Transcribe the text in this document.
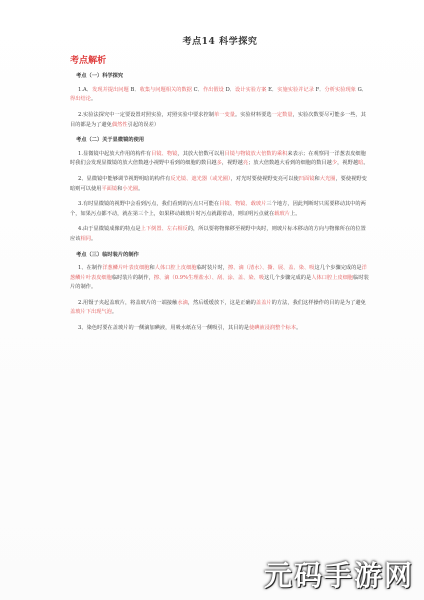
考点14 科学探究
考点解析
考点（一）科学探究
1.A．发现并提出问题 B．收集与问题相关的数据 C．作出假设 D．设计实验方案 E．实施实验并记录 F．分析实验现象 G．得出结论。
2.实验法探究中一定要设置对照实验，对照实验中要求控制单一变量。实验材料要选一定数量，实验次数要尽可能多一些，其目的都是为了避免偶然性引起的误差）
考点（二）关于显微镜的使用
1.显微镜中起放大作用的构件有目镜、物镜，其放大倍数可以用目镜与物镜放大倍数的乘积来表示；在观察同一洋葱表皮细胞时我们会发现显微镜的放大倍数越小视野中看到的细胞的数目越多，视野越亮；放大倍数越大看到的细胞的数目越少，视野越暗。
2、显微镜中能够调节视野明暗的构件有反光镜、遮光器（或光圈），对光时要使视野变亮可以使凹面镜和大光圈，要使视野变暗则可以使用平面镜和小光圈。
3.有时显微镜的视野中会看到污点，我们看到的污点只可能在目镜、物镜、载玻片三个地方，因此判断时只需要移动其中的两个，如果污点都不动，就在第三个上，如果移动载玻片时污点就跟着动，则证明污点就在载玻片上。
4.由于显微镜成像的特点是上下倒置、左右相反的，所以要将物像移至视野中央时，则玻片标本移动的方向与物像所在的位置应该相同。
考点（三）临时装片的制作
1、在制作洋葱鳞片叶表皮细胞和人体口腔上皮细胞临时装片时，擦、滴（清水）、撕、展、盖、染、吸这几个步骤完成的是洋葱鳞片叶表皮细胞临时装片的制作，擦、滴（0.9%生理盐水）、刮、涂、盖、染、吸这几个步骤完成的是人体口腔上皮细胞临时装片的制作。
2.用镊子夹起盖玻片，将盖玻片的一端接触水滴，然后缓缓放下，这是正确的盖盖片的方法，我们这样操作的目的是为了避免盖玻片下出现气泡。
3、染色时要在盖玻片的一侧滴加碘液，用吸水纸在另一侧吸引，其目的是使碘液浸润整个标本。
元码手游网
